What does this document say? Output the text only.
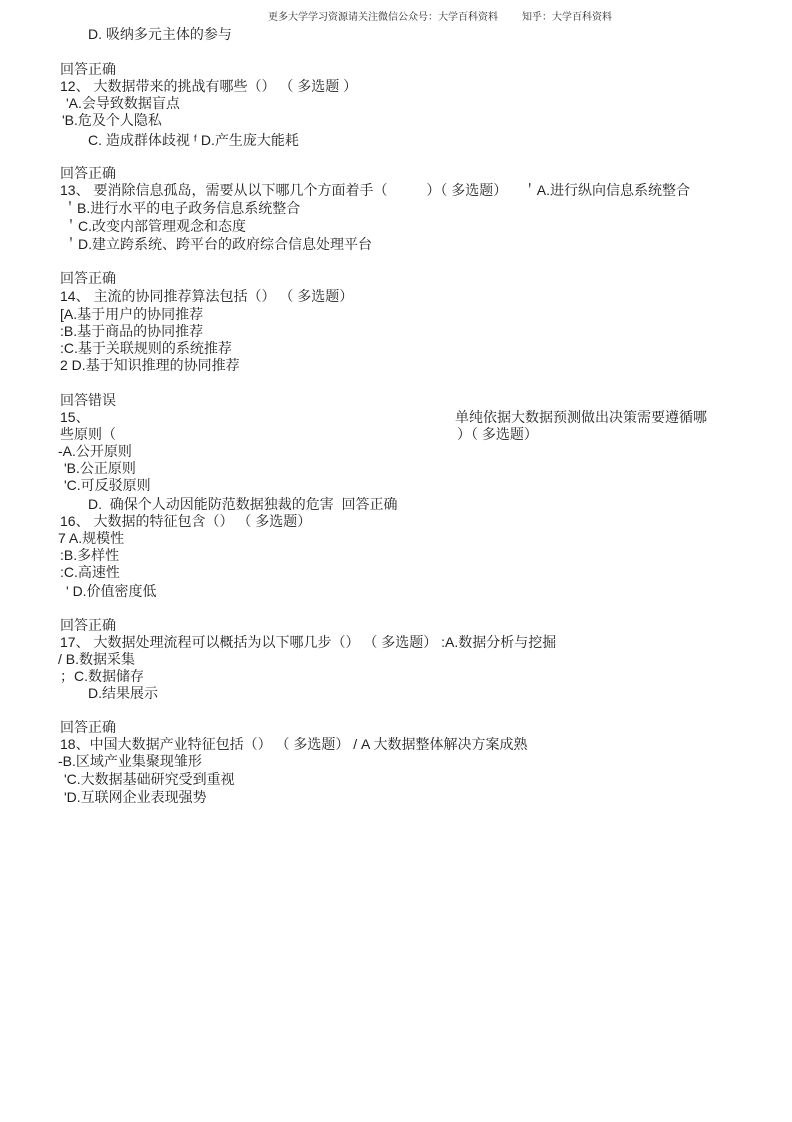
更多大学学习资源请关注微信公众号：大学百科资料 知乎：大学百科资料
D. 吸纳多元主体的参与
回答正确
12、 大数据带来的挑战有哪些（） （ 多选题 ）
'A.会导致数据盲点
'B.危及个人隐私
C. 造成群体歧视 ᶠ D.产生庞大能耗
回答正确
13、 要消除信息孤岛，需要从以下哪几个方面着手（          ）（ 多选题）    ＇A.进行纵向信息系统整合
＇B.进行水平的电子政务信息系统整合
＇C.改变内部管理观念和态度
＇D.建立跨系统、跨平台的政府综合信息处理平台
回答正确
14、 主流的协同推荐算法包括（） （ 多选题）
[A.基于用户的协同推荐
:B.基于商品的协同推荐
:C.基于关联规则的系统推荐
2 D.基于知识推理的协同推荐
回答错误
15、	单纯依据大数据预测做出决策需要遵循哪
些原则（	）（ 多选题）
-A.公开原则
'B.公正原则
'C.可反驳原则
D.  确保个人动因能防范数据独裁的危害  回答正确
16、 大数据的特征包含（） （ 多选题）
7 A.规模性
:B.多样性
:C.高速性
' D.价值密度低
回答正确
17、 大数据处理流程可以概括为以下哪几步（） （ 多选题） :A.数据分析与挖掘
/ B.数据采集
；C.数据储存
D.结果展示
回答正确
18、中国大数据产业特征包括（） （ 多选题） / A 大数据整体解决方案成熟
-B.区域产业集聚现雏形
'C.大数据基础研究受到重视
'D.互联网企业表现强势
